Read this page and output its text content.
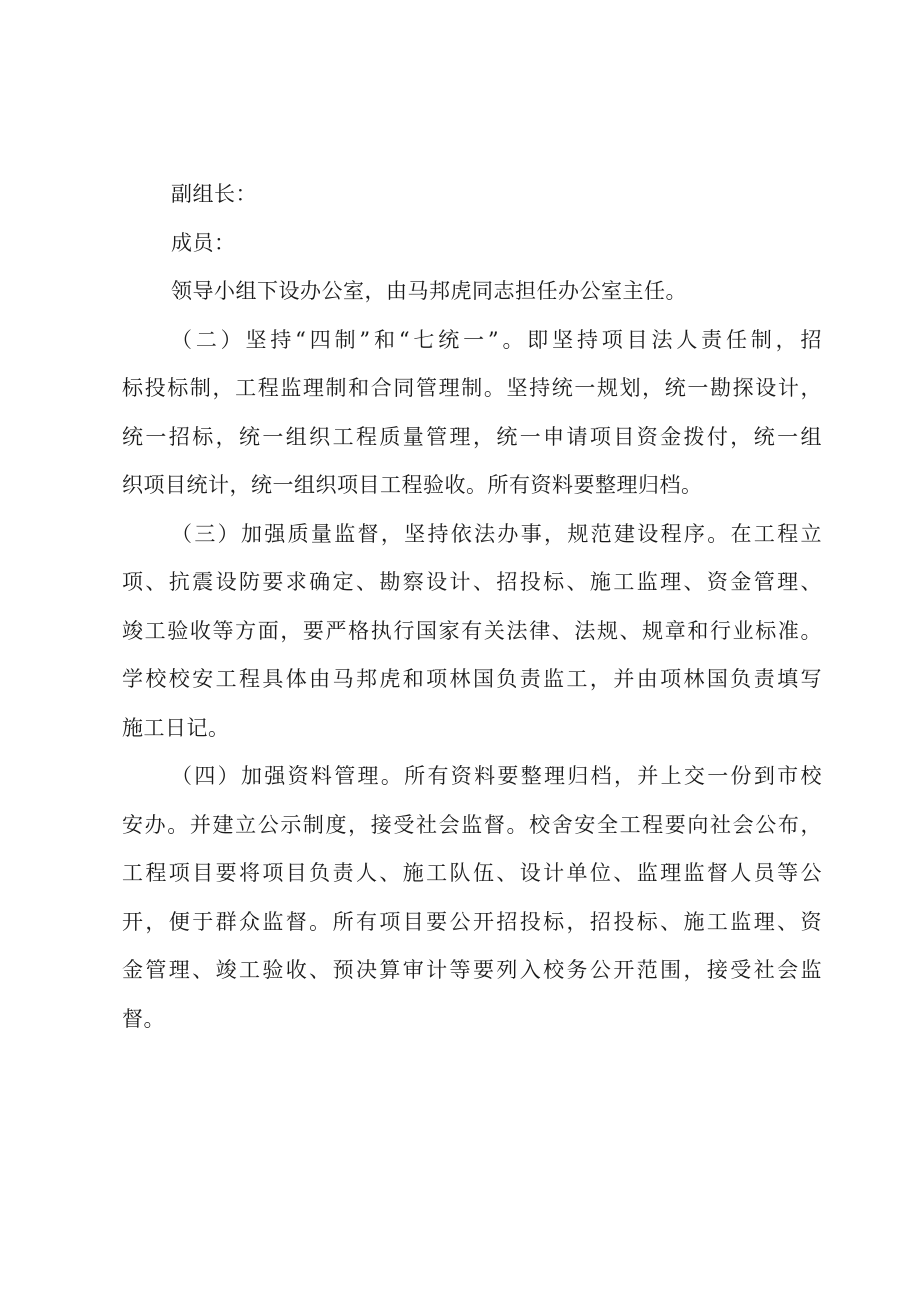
副组长：
成员：
领导小组下设办公室，由马邦虎同志担任办公室主任。
（二）坚持“四制”和“七统一”。即坚持项目法人责任制，招
标投标制，工程监理制和合同管理制。坚持统一规划，统一勘探设计，
统一招标，统一组织工程质量管理，统一申请项目资金拨付，统一组
织项目统计，统一组织项目工程验收。所有资料要整理归档。
（三）加强质量监督，坚持依法办事，规范建设程序。在工程立
项、抗震设防要求确定、勘察设计、招投标、施工监理、资金管理、
竣工验收等方面，要严格执行国家有关法律、法规、规章和行业标准。
学校校安工程具体由马邦虎和项林国负责监工，并由项林国负责填写
施工日记。
（四）加强资料管理。所有资料要整理归档，并上交一份到市校
安办。并建立公示制度，接受社会监督。校舍安全工程要向社会公布，
工程项目要将项目负责人、施工队伍、设计单位、监理监督人员等公
开，便于群众监督。所有项目要公开招投标，招投标、施工监理、资
金管理、竣工验收、预决算审计等要列入校务公开范围，接受社会监
督。
